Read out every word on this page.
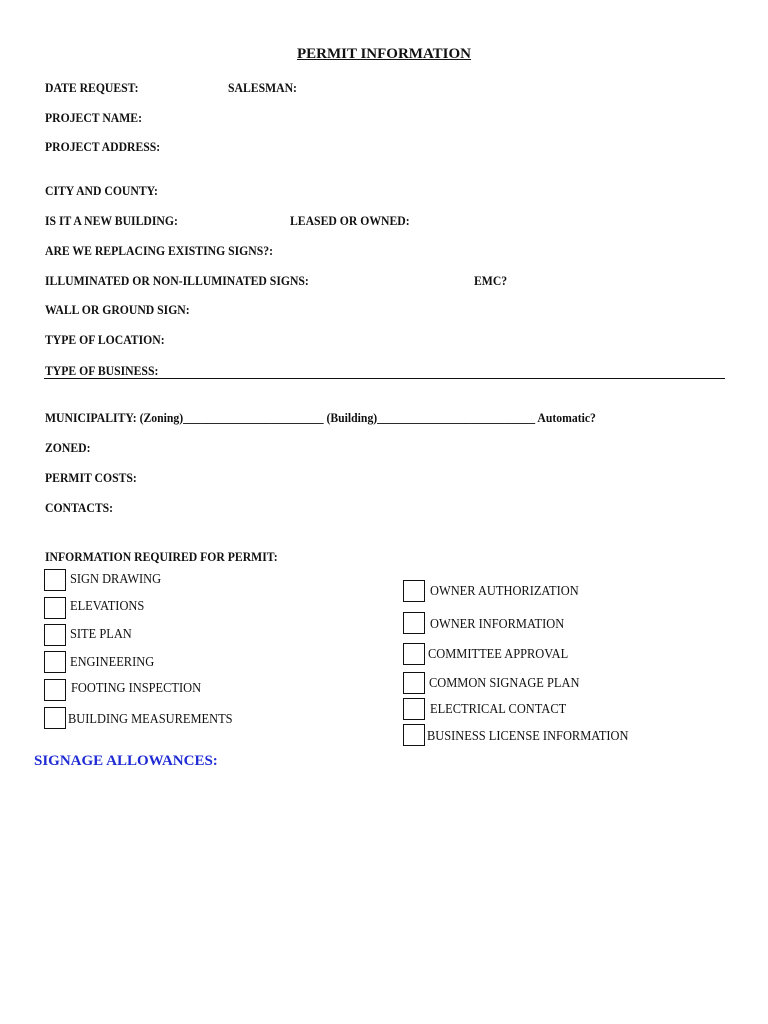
PERMIT INFORMATION
DATE REQUEST:	SALESMAN:
PROJECT NAME:
PROJECT ADDRESS:
CITY AND COUNTY:
IS IT A NEW BUILDING:	LEASED OR OWNED:
ARE WE REPLACING EXISTING SIGNS?:
ILLUMINATED OR NON-ILLUMINATED SIGNS:	EMC?
WALL OR GROUND SIGN:
TYPE OF LOCATION:
TYPE OF BUSINESS:
MUNICIPALITY: (Zoning)________________________ (Building)___________________________ Automatic?
ZONED:
PERMIT COSTS:
CONTACTS:
INFORMATION REQUIRED FOR PERMIT:
SIGN DRAWING
ELEVATIONS
SITE PLAN
ENGINEERING
FOOTING INSPECTION
BUILDING MEASUREMENTS
OWNER AUTHORIZATION
OWNER INFORMATION
COMMITTEE APPROVAL
COMMON SIGNAGE PLAN
ELECTRICAL CONTACT
BUSINESS LICENSE INFORMATION
SIGNAGE ALLOWANCES:
